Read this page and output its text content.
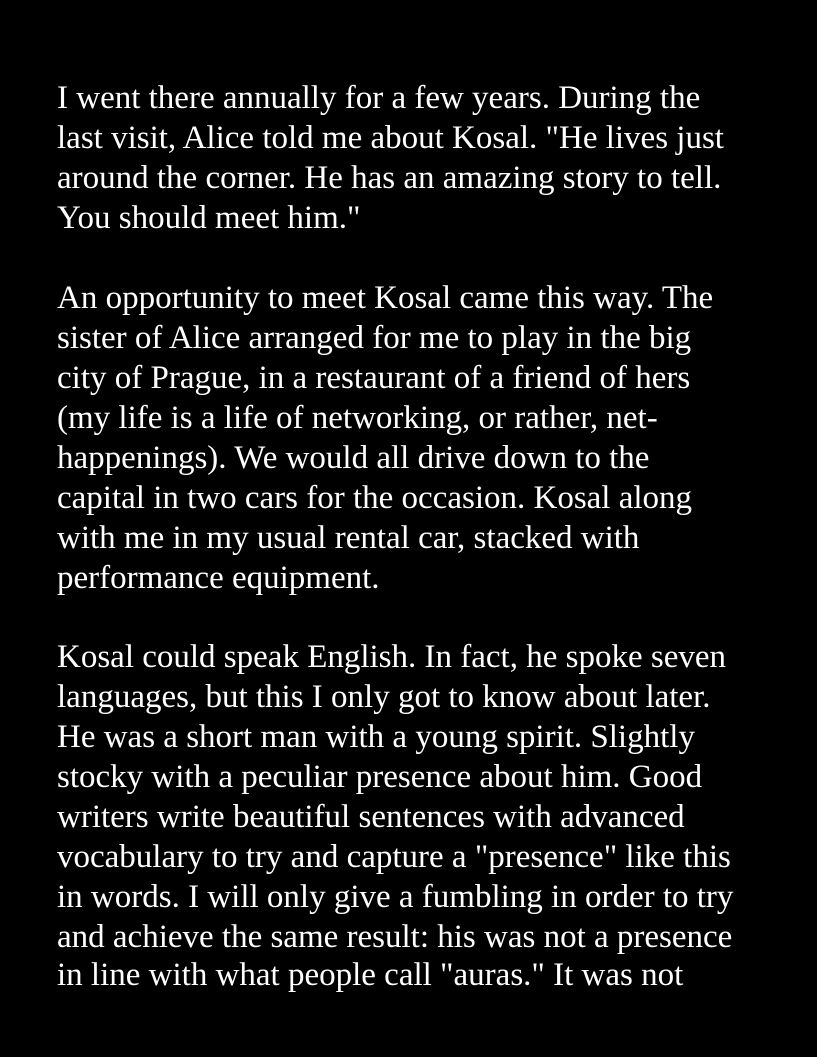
I went there annually for a few years. During the
last visit, Alice told me about Kosal. "He lives just
around the corner. He has an amazing story to tell.
You should meet him."
An opportunity to meet Kosal came this way. The
sister of Alice arranged for me to play in the big
city of Prague, in a restaurant of a friend of hers
(my life is a life of networking, or rather, net-
happenings). We would all drive down to the
capital in two cars for the occasion. Kosal along
with me in my usual rental car, stacked with
performance equipment.
Kosal could speak English. In fact, he spoke seven
languages, but this I only got to know about later.
He was a short man with a young spirit. Slightly
stocky with a peculiar presence about him. Good
writers write beautiful sentences with advanced
vocabulary to try and capture a "presence" like this
in words. I will only give a fumbling in order to try
and achieve the same result: his was not a presence
in line with what people call "auras." It was not
